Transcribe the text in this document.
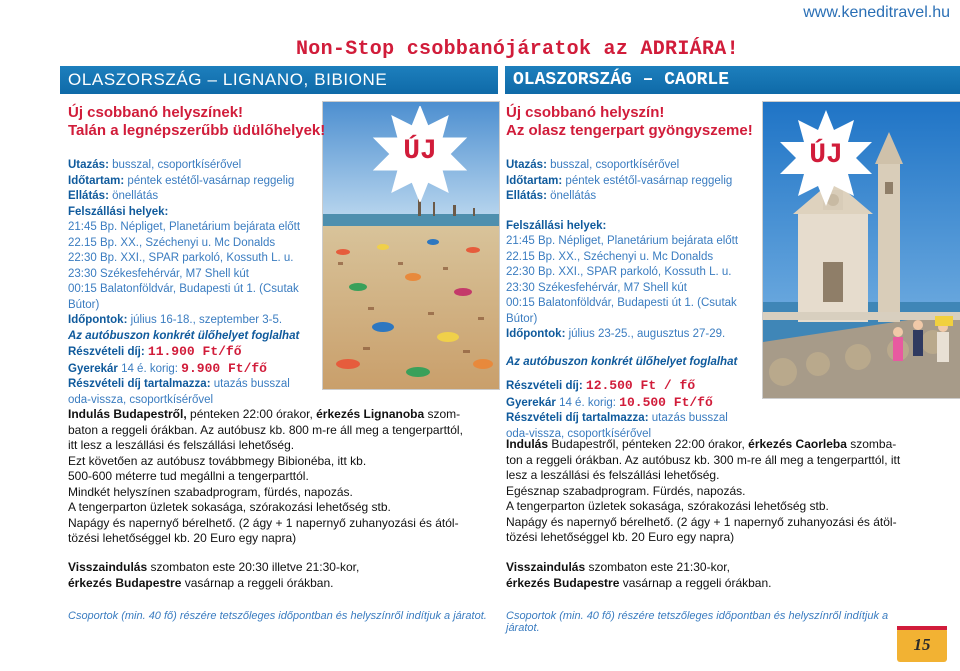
www.keneditravel.hu
Non-Stop csobbanójáratok az ADRIÁRA!
OLASZORSZÁG – LIGNANO, BIBIONE	OLASZORSZÁG – CAORLE
ÚJ
Új csobbanó helyszínek!
Talán a legnépszerűbb üdülőhelyek!
Utazás: busszal, csoportkísérővel
Időtartam: péntek estétől-vasárnap reggelig
Ellátás: önellátás
Felszállási helyek:
21:45 Bp. Népliget, Planetárium bejárata előtt
22.15 Bp. XX., Széchenyi u. Mc Donalds
22:30 Bp. XXI., SPAR parkoló, Kossuth L. u.
23:30 Székesfehérvár, M7 Shell kút
00:15 Balatonföldvár, Budapesti út 1. (Csutak Bútor)
Időpontok: július 16-18., szeptember 3-5.
Az autóbuszon konkrét ülőhelyet foglalhat
Részvételi díj: 11.900 Ft/fő
Gyerekár 14 é. korig: 9.900 Ft/fő
Részvételi díj tartalmazza: utazás busszal
oda-vissza, csoportkísérővel
Indulás Budapestről, pénteken 22:00 órakor, érkezés Lignanoba szom-
baton a reggeli órákban. Az autóbusz kb. 800 m-re áll meg a tengerparttól,
itt lesz a leszállási és felszállási lehetőség.
Ezt követően az autóbusz továbbmegy Bibionéba, itt kb.
500-600 méterre tud megállni a tengerparttól.
Mindkét helyszínen szabadprogram, fürdés, napozás.
A tengerparton üzletek sokasága, szórakozási lehetőség stb.
Napágy és napernyő bérelhető. (2 ágy + 1 napernyő zuhanyozási és ától-
tözési lehetőséggel kb. 20 Euro egy napra)
Visszaindulás szombaton este 20:30 illetve 21:30-kor,
érkezés Budapestre vasárnap a reggeli órákban.
Csoportok (min. 40 fő) részére tetszőleges időpontban és helyszínről indítjuk a járatot.
ÚJ
Új csobbanó helyszín!
Az olasz tengerpart gyöngyszeme!
Utazás: busszal, csoportkísérővel
Időtartam: péntek estétől-vasárnap reggelig
Ellátás: önellátás
Felszállási helyek:
21:45 Bp. Népliget, Planetárium bejárata előtt
22.15 Bp. XX., Széchenyi u. Mc Donalds
22:30 Bp. XXI., SPAR parkoló, Kossuth L. u.
23:30 Székesfehérvár, M7 Shell kút
00:15 Balatonföldvár, Budapesti út 1. (Csutak Bútor)
Időpontok: július 23-25., augusztus 27-29.
Az autóbuszon konkrét ülőhelyet foglalhat
Részvételi díj: 12.500 Ft / fő
Gyerekár 14 é. korig: 10.500 Ft/fő
Részvételi díj tartalmazza: utazás busszal
oda-vissza, csoportkísérővel
Indulás Budapestről, pénteken 22:00 órakor, érkezés Caorleba szomba-
ton a reggeli órákban. Az autóbusz kb. 300 m-re áll meg a tengerparttól, itt
lesz a leszállási és felszállási lehetőség.
Egésznap szabadprogram. Fürdés, napozás.
A tengerparton üzletek sokasága, szórakozási lehetőség stb.
Napágy és napernyő bérelhető. (2 ágy + 1 napernyő zuhanyozási és átöl-
tözési lehetőséggel kb. 20 Euro egy napra)
Visszaindulás szombaton este 21:30-kor,
érkezés Budapestre vasárnap a reggeli órákban.
Csoportok (min. 40 fő) részére tetszőleges időpontban és helyszínről indítjuk a járatot.
15
